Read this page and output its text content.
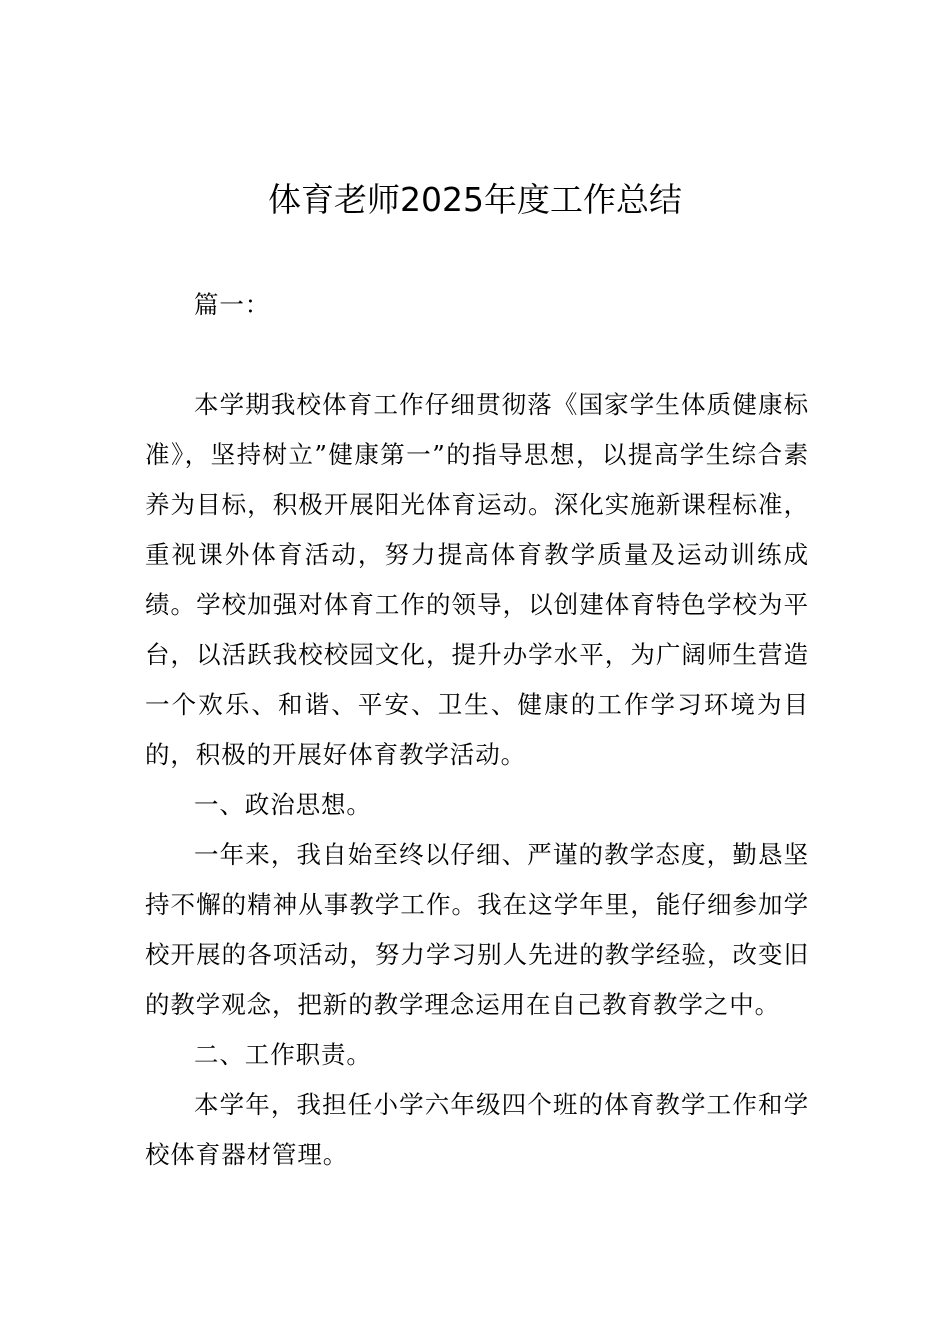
体育老师2025年度工作总结

篇一：

本学期我校体育工作仔细贯彻落《国家学生体质健康标准》，坚持树立”健康第一”的指导思想，以提高学生综合素养为目标，积极开展阳光体育运动。深化实施新课程标准，重视课外体育活动，努力提高体育教学质量及运动训练成绩。学校加强对体育工作的领导，以创建体育特色学校为平台，以活跃我校校园文化，提升办学水平，为广阔师生营造一个欢乐、和谐、平安、卫生、健康的工作学习环境为目的，积极的开展好体育教学活动。

一、政治思想。

一年来，我自始至终以仔细、严谨的教学态度，勤恳坚持不懈的精神从事教学工作。我在这学年里，能仔细参加学校开展的各项活动，努力学习别人先进的教学经验，改变旧的教学观念，把新的教学理念运用在自己教育教学之中。

二、工作职责。

本学年，我担任小学六年级四个班的体育教学工作和学校体育器材管理。
